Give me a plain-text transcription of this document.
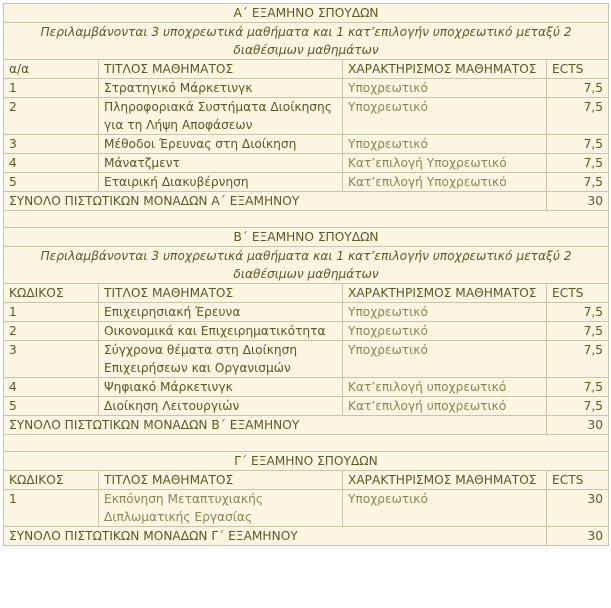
Α΄ ΕΞΑΜΗΝΟ ΣΠΟΥΔΩΝ			
Περιλαμβάνονται 3 υποχρεωτικά μαθήματα και 1 κατ’επιλογήν υποχρεωτικό μεταξύ 2 διαθέσιμων μαθημάτων			
α/α	ΤΙΤΛΟΣ ΜΑΘΗΜΑΤΟΣ	ΧΑΡΑΚΤΗΡΙΣΜΟΣ ΜΑΘΗΜΑΤΟΣ	ECTS
1	Στρατηγικό Μάρκετινγκ	Υποχρεωτικό	7,5
2	Πληροφοριακά Συστήματα Διοίκησης για τη Λήψη Αποφάσεων	Υποχρεωτικό	7,5
3	Μέθοδοι Έρευνας στη Διοίκηση	Υποχρεωτικό	7,5
4	Μάνατζμεντ	Κατ’επιλογή Υποχρεωτικό	7,5
5	Εταιρική Διακυβέρνηση	Κατ’επιλογή Υποχρεωτικό	7,5
ΣΥΝΟΛΟ ΠΙΣΤΩΤΙΚΩΝ ΜΟΝΑΔΩΝ Α΄ ΕΞΑΜΗΝΟΥ			30

Β΄ ΕΞΑΜΗΝΟ ΣΠΟΥΔΩΝ			
Περιλαμβάνονται 3 υποχρεωτικά μαθήματα και 1 κατ’επιλογήν υποχρεωτικό μεταξύ 2 διαθέσιμων μαθημάτων			
ΚΩΔΙΚΟΣ	ΤΙΤΛΟΣ ΜΑΘΗΜΑΤΟΣ	ΧΑΡΑΚΤΗΡΙΣΜΟΣ ΜΑΘΗΜΑΤΟΣ	ECTS
1	Επιχειρησιακή Έρευνα	Υποχρεωτικό	7,5
2	Οικονομικά και Επιχειρηματικότητα	Υποχρεωτικό	7,5
3	Σύγχρονα θέματα στη Διοίκηση Επιχειρήσεων και Οργανισμών	Υποχρεωτικό	7,5
4	Ψηφιακό Μάρκετινγκ	Κατ’επιλογή υποχρεωτικό	7,5
5	Διοίκηση Λειτουργιών	Κατ’επιλογή υποχρεωτικό	7,5
ΣΥΝΟΛΟ ΠΙΣΤΩΤΙΚΩΝ ΜΟΝΑΔΩΝ Β΄ ΕΞΑΜΗΝΟΥ			30

Γ΄ ΕΞΑΜΗΝΟ ΣΠΟΥΔΩΝ			
ΚΩΔΙΚΟΣ	ΤΙΤΛΟΣ ΜΑΘΗΜΑΤΟΣ	ΧΑΡΑΚΤΗΡΙΣΜΟΣ ΜΑΘΗΜΑΤΟΣ	ECTS
1	Εκπόνηση Μεταπτυχιακής Διπλωματικής Εργασίας	Υποχρεωτικό	30
ΣΥΝΟΛΟ ΠΙΣΤΩΤΙΚΩΝ ΜΟΝΑΔΩΝ Γ΄ ΕΞΑΜΗΝΟΥ			30
